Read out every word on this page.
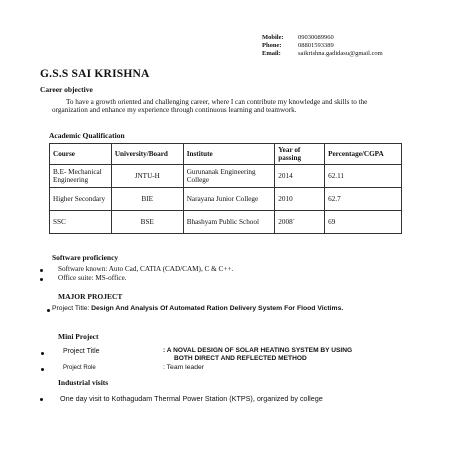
Mobile: 09030089960
Phone:	08801593389
Email:	saikrishna.gadidasu@gmail.com
G.S.S SAI KRISHNA
Career objective
To have a growth oriented and challenging career, where I can contribute my knowledge and skills to the organization and enhance my experience through continuous learning and teamwork.
Academic Qualification
Course	University/Board	Institute	Year of passing	Percentage/CGPA
B.E- Mechanical Engineering	JNTU-H	Gurunanak Engineering College	2014	62.11
Higher Secondary	BIE	Narayana Junior College	2010	62.7
SSC	BSE	Bhashyam Public School	2008`	69
Software proficiency
Software known: Auto Cad, CATIA (CAD/CAM), C & C++.
Office suite: MS-office.
MAJOR PROJECT
Project Title: Design And Analysis Of Automated Ration Delivery System For Flood Victims.
Mini Project
Project Title	: A NOVAL DESIGN OF SOLAR HEATING SYSTEM BY USING
BOTH DIRECT AND REFLECTED METHOD
Project Role	: Team leader
Industrial visits
One day visit to Kothagudam Thermal Power Station (KTPS), organized by college
